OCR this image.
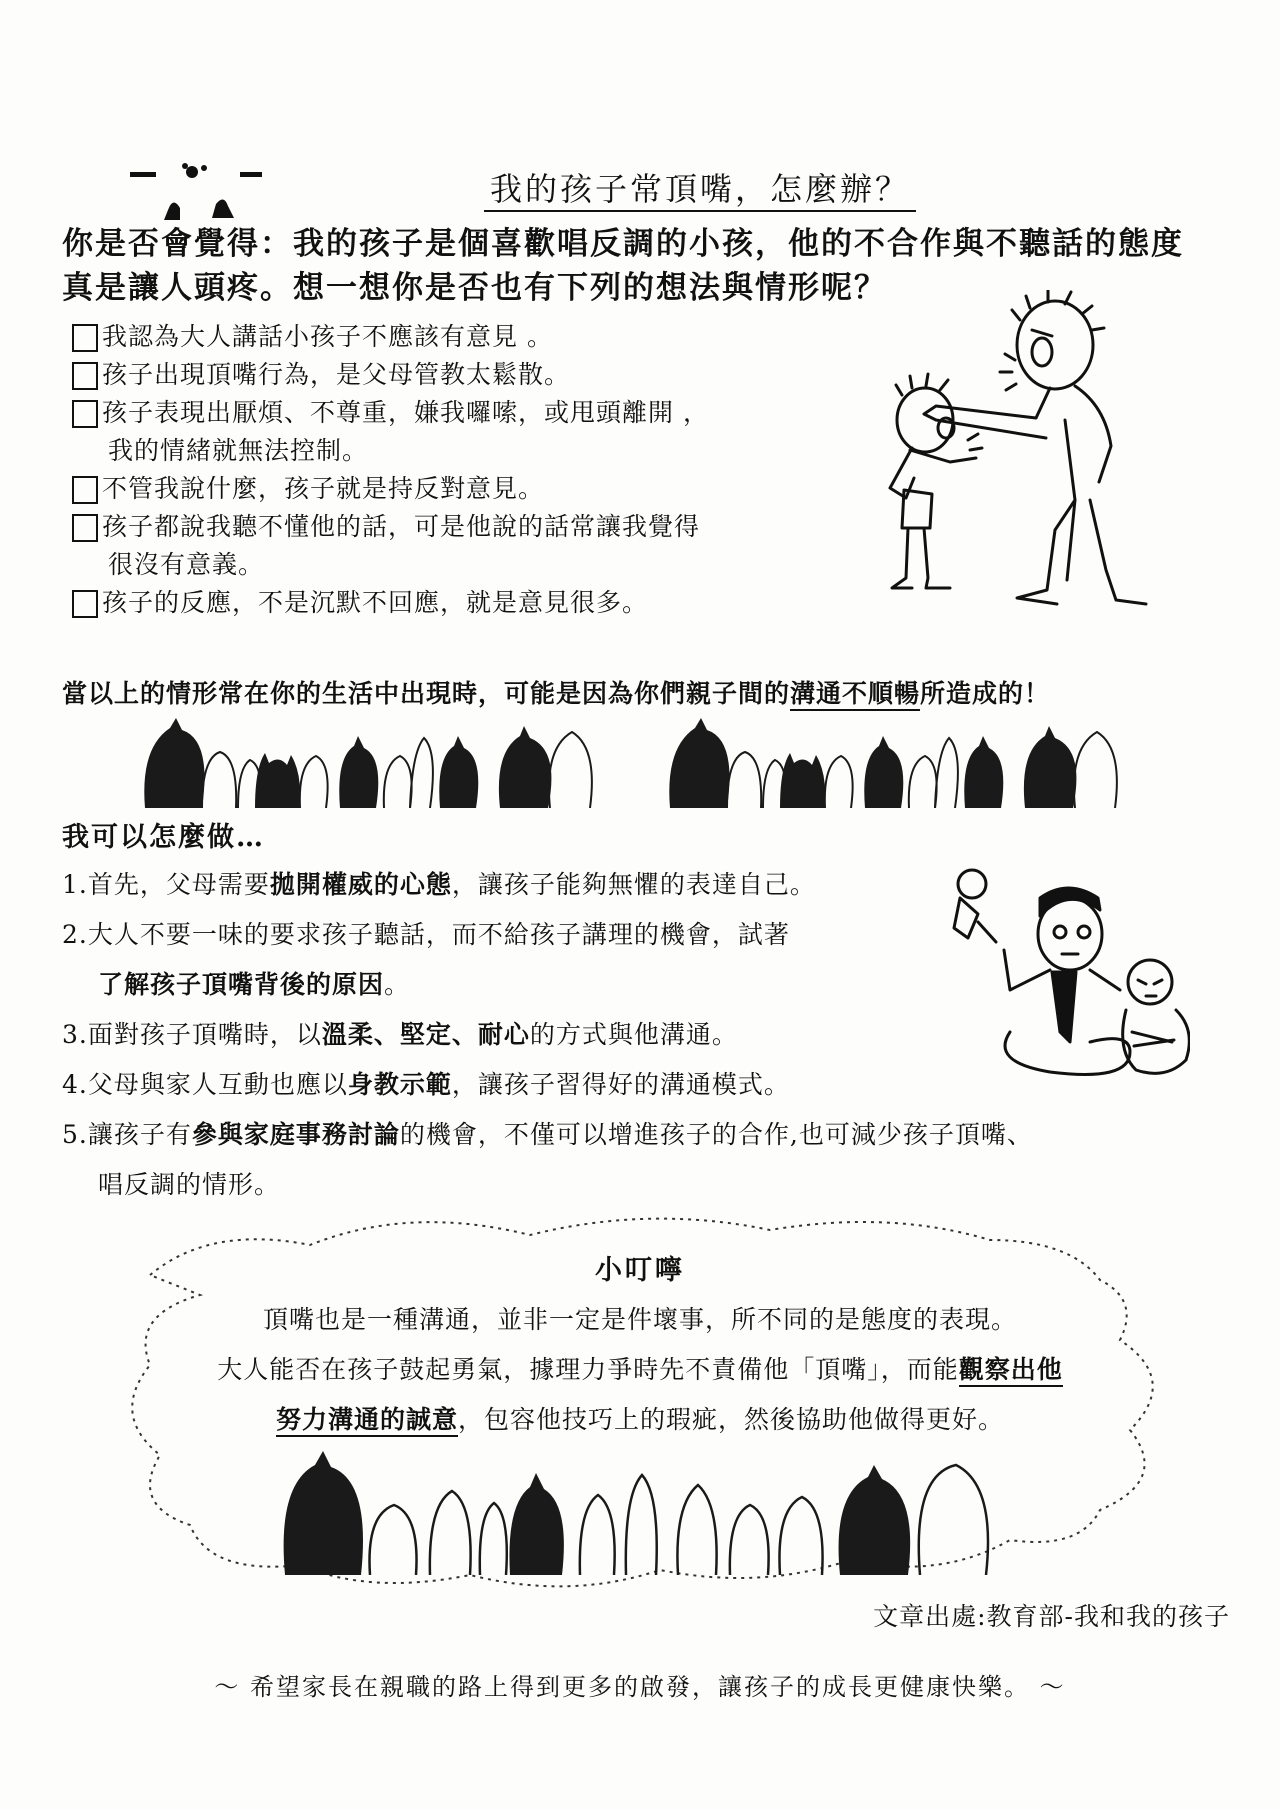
我的孩子常頂嘴，怎麼辦？
你是否會覺得：我的孩子是個喜歡唱反調的小孩，他的不合作與不聽話的態度
真是讓人頭疼。想一想你是否也有下列的想法與情形呢？
我認為大人講話小孩子不應該有意見 。
孩子出現頂嘴行為，是父母管教太鬆散。
孩子表現出厭煩、不尊重，嫌我囉嗦，或甩頭離開 ，
我的情緒就無法控制。
不管我說什麼，孩子就是持反對意見。
孩子都說我聽不懂他的話，可是他說的話常讓我覺得
很沒有意義。
孩子的反應，不是沉默不回應，就是意見很多。
當以上的情形常在你的生活中出現時，可能是因為你們親子間的溝通不順暢所造成的！
我可以怎麼做…
1.首先，父母需要拋開權威的心態，讓孩子能夠無懼的表達自己。
2.大人不要一味的要求孩子聽話，而不給孩子講理的機會，試著
了解孩子頂嘴背後的原因。
3.面對孩子頂嘴時，以溫柔、堅定、耐心的方式與他溝通。
4.父母與家人互動也應以身教示範，讓孩子習得好的溝通模式。
5.讓孩子有參與家庭事務討論的機會，不僅可以增進孩子的合作,也可減少孩子頂嘴、
唱反調的情形。
小叮嚀
頂嘴也是一種溝通，並非一定是件壞事，所不同的是態度的表現。
大人能否在孩子鼓起勇氣，據理力爭時先不責備他「頂嘴」，而能觀察出他
努力溝通的誠意，包容他技巧上的瑕疵，然後協助他做得更好。
文章出處:教育部-我和我的孩子
～ 希望家長在親職的路上得到更多的啟發，讓孩子的成長更健康快樂。 ～
